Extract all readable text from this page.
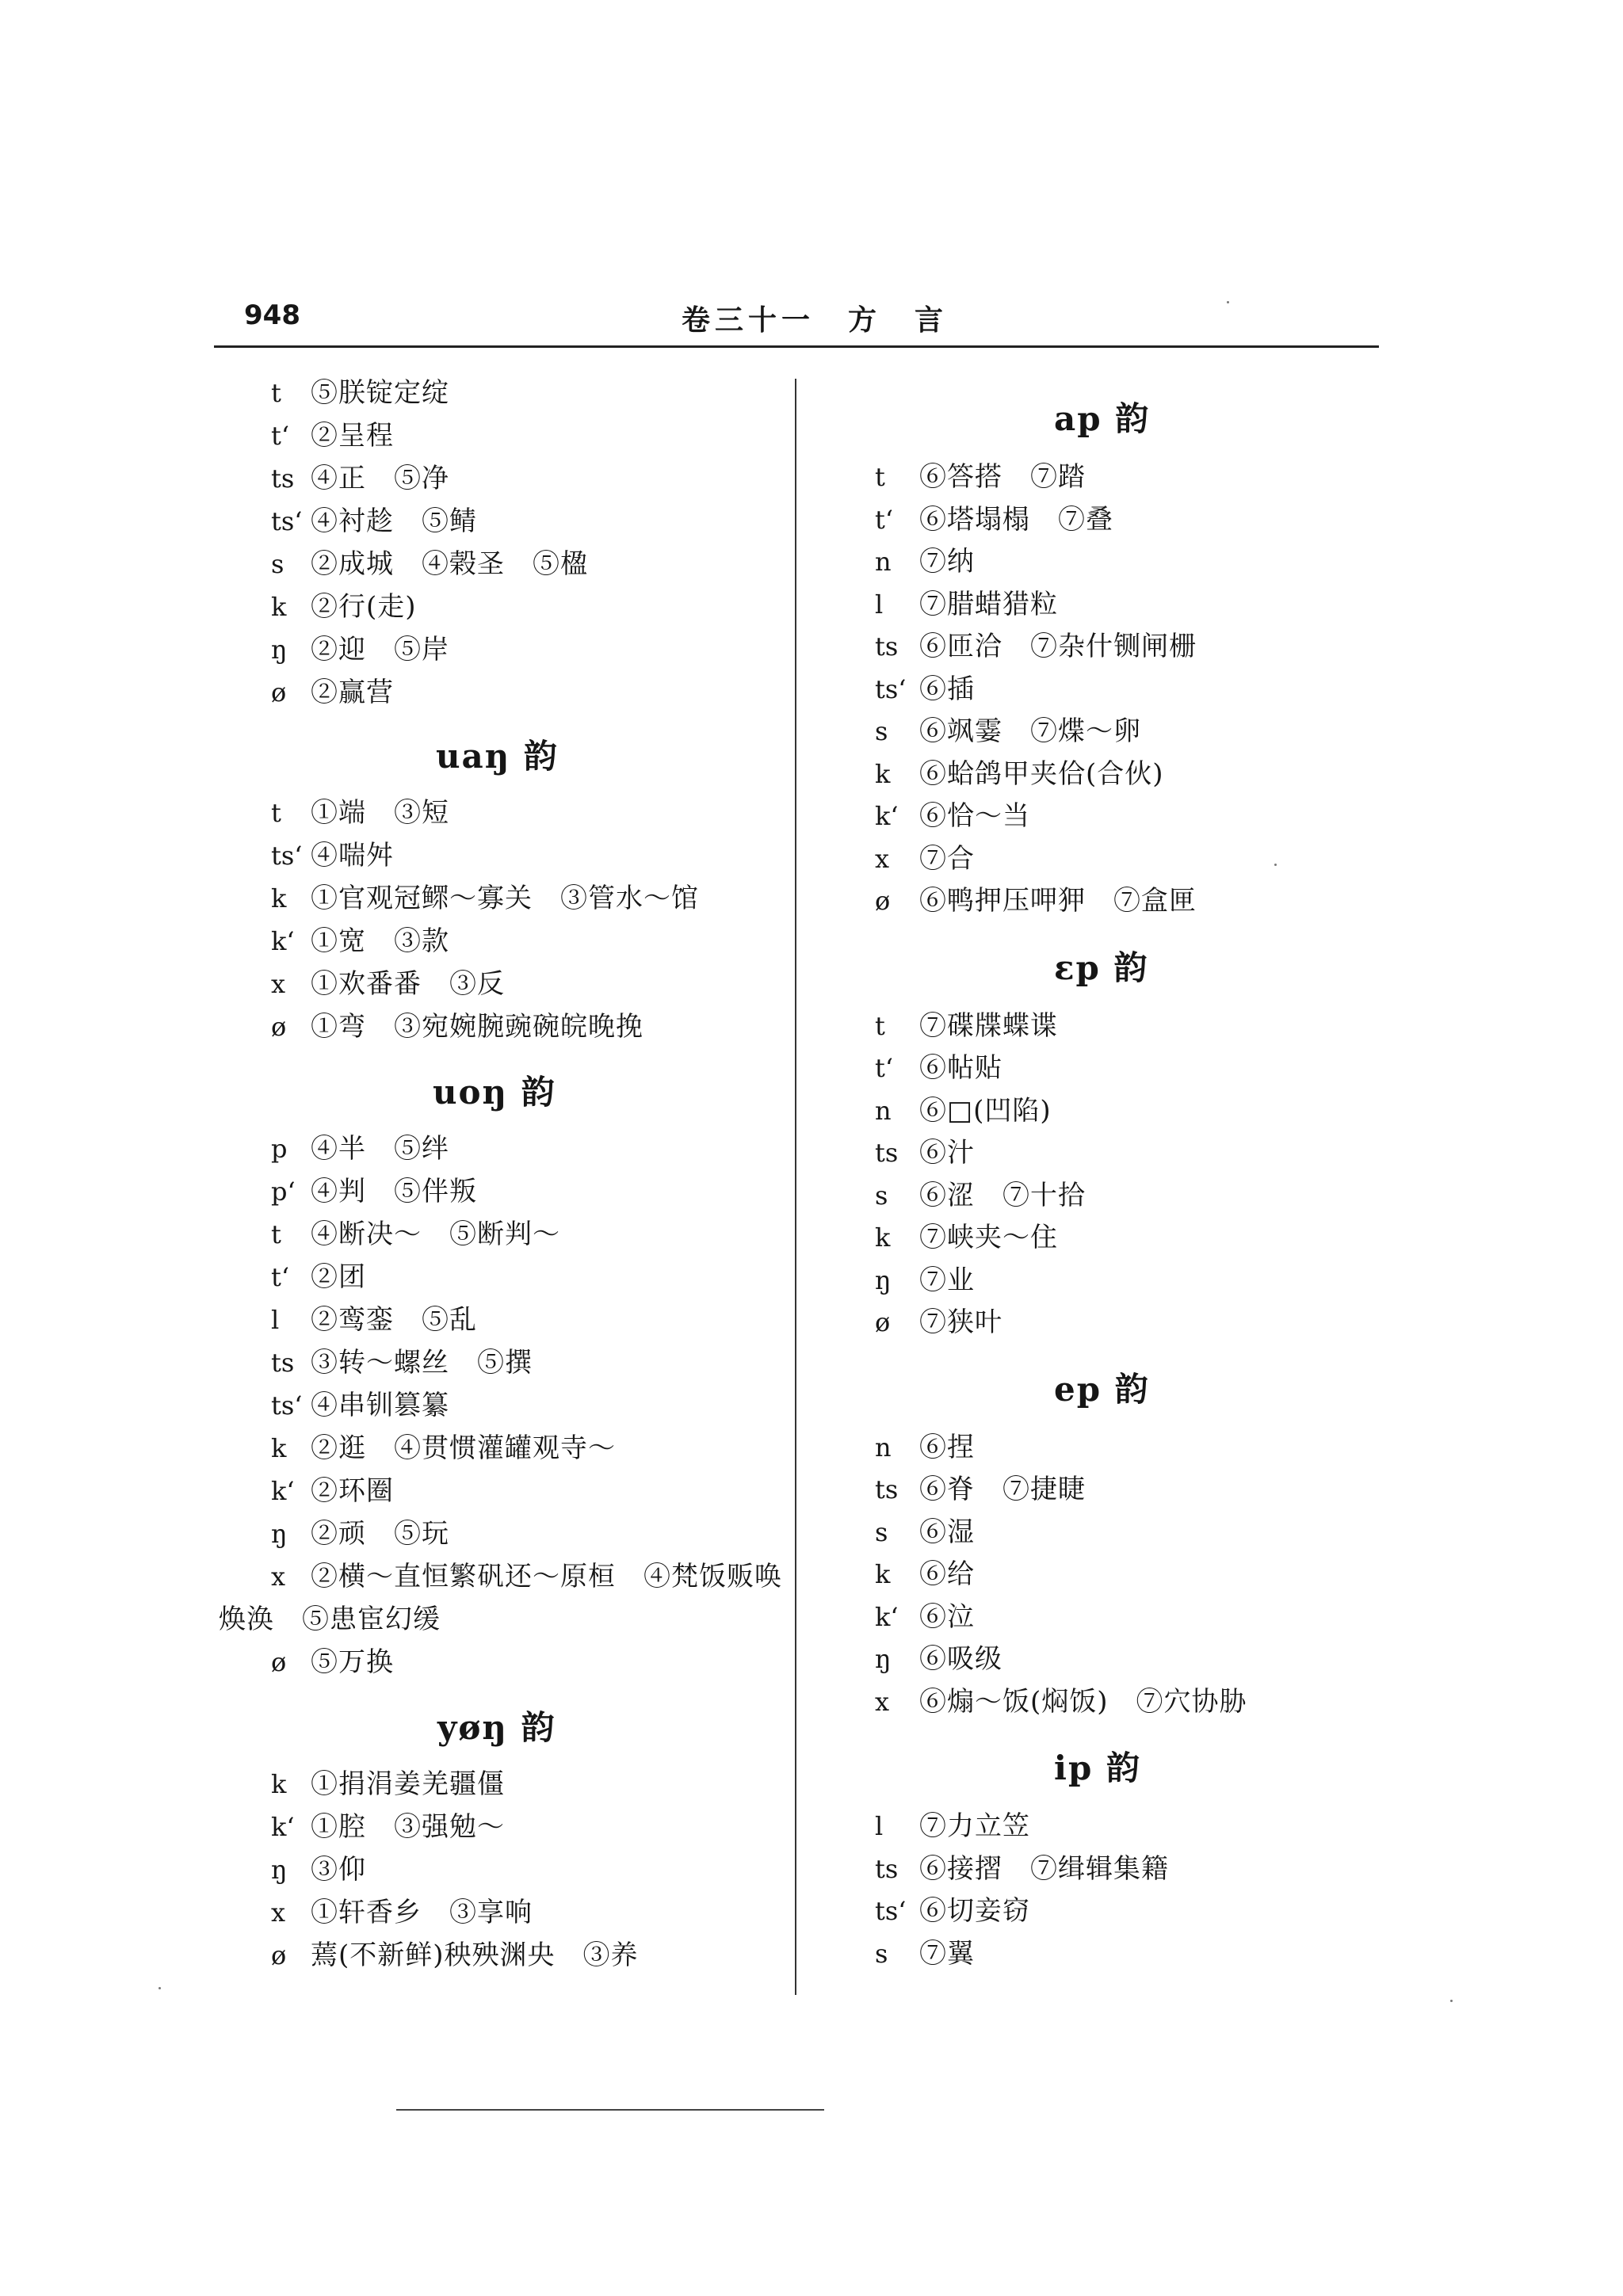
948	卷三十一　方　言
t ⑤朕锭定绽
tʻ ②呈程
ts ④正　⑤净
tsʻ ④衬趁　⑤鲭
s ②成城　④榖圣　⑤楹
k ②行(走)
ŋ ②迎　⑤岸
ø ②赢营
uaŋ 韵
t ①端　③短
tsʻ ④喘舛
k ①官观冠鳏～寡关　③管水～馆
kʻ ①宽　③款
x ①欢番番　③反
ø ①弯　③宛婉腕豌碗皖晚挽
uoŋ 韵
p ④半　⑤绊
pʻ ④判　⑤伴叛
t ④断决～　⑤断判～
tʻ ②团
l ②鸾銮　⑤乱
ts ③转～螺丝　⑤撰
tsʻ ④串钏篡纂
k ②逛　④贯惯灌罐观寺～
kʻ ②环圈
ŋ ②顽　⑤玩
x ②横～直恒繁矾还～原桓　④梵饭贩唤
焕涣　⑤患宦幻缓
ø ⑤万换
yøŋ 韵
k ①捐涓姜羌疆僵
kʻ ①腔　③强勉～
ŋ ③仰
x ①轩香乡　③享响
ø 蔫(不新鲜)秧殃渊央　③养
ap 韵
t ⑥答搭　⑦踏
tʻ ⑥塔塌榻　⑦叠
n ⑦纳
l ⑦腊蜡猎粒
ts ⑥匝洽　⑦杂什铡闸栅
tsʻ ⑥插
s ⑥飒霎　⑦煠～卵
k ⑥蛤鸽甲夹佮(合伙)
kʻ ⑥恰～当
x ⑦合
ø ⑥鸭押压呷狎　⑦盒匣
ɛp 韵
t ⑦碟牒蝶谍
tʻ ⑥帖贴
n ⑥□(凹陷)
ts ⑥汁
s ⑥涩　⑦十拾
k ⑦峡夹～住
ŋ ⑦业
ø ⑦狭叶
ep 韵
n ⑥捏
ts ⑥脊　⑦捷睫
s ⑥湿
k ⑥给
kʻ ⑥泣
ŋ ⑥吸级
x ⑥煽～饭(焖饭)　⑦穴协胁
ip 韵
l ⑦力立笠
ts ⑥接摺　⑦缉辑集籍
tsʻ ⑥切妾窃
s ⑦翼
